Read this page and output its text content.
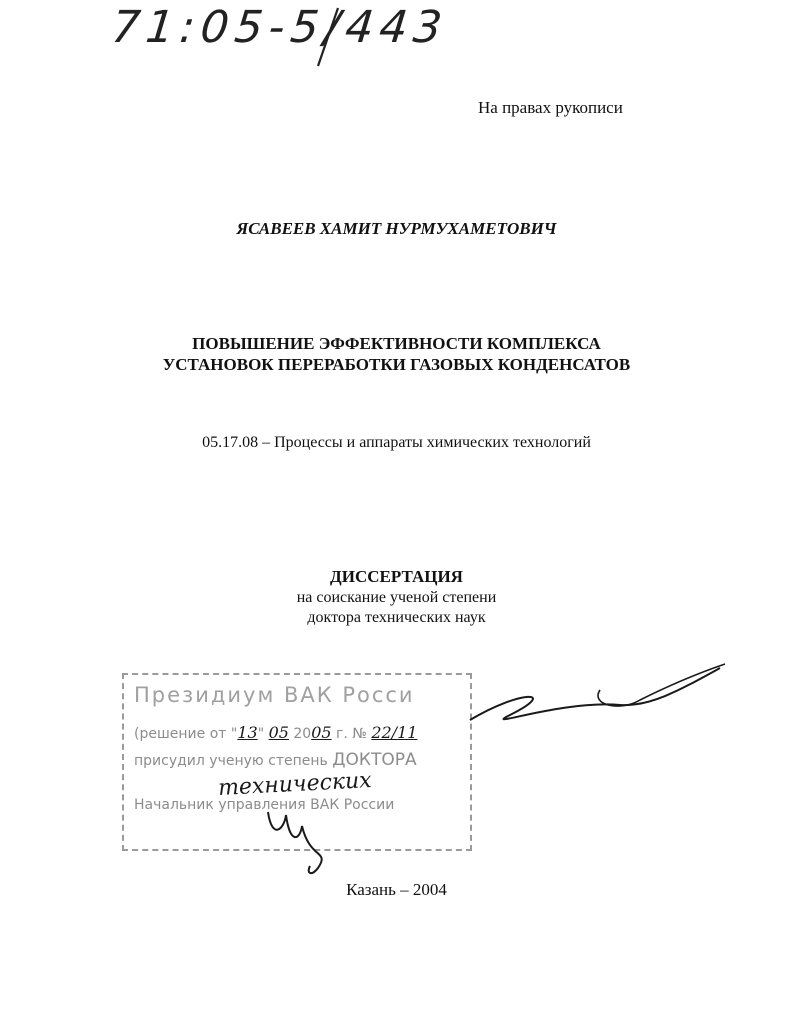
71:05-5/443
На правах рукописи
ЯСАВЕЕВ ХАМИТ НУРМУХАМЕТОВИЧ
ПОВЫШЕНИЕ ЭФФЕКТИВНОСТИ КОМПЛЕКСА
УСТАНОВОК ПЕРЕРАБОТКИ ГАЗОВЫХ КОНДЕНСАТОВ
05.17.08 – Процессы и аппараты химических технологий
ДИССЕРТАЦИЯ
на соискание ученой степени
доктора технических наук
Президиум ВАК Росси
(решение от "13" 05 2005 г. № 22/11
присудил ученую степень ДОКТОРА
Начальник управления ВАК России
технических
Казань – 2004
